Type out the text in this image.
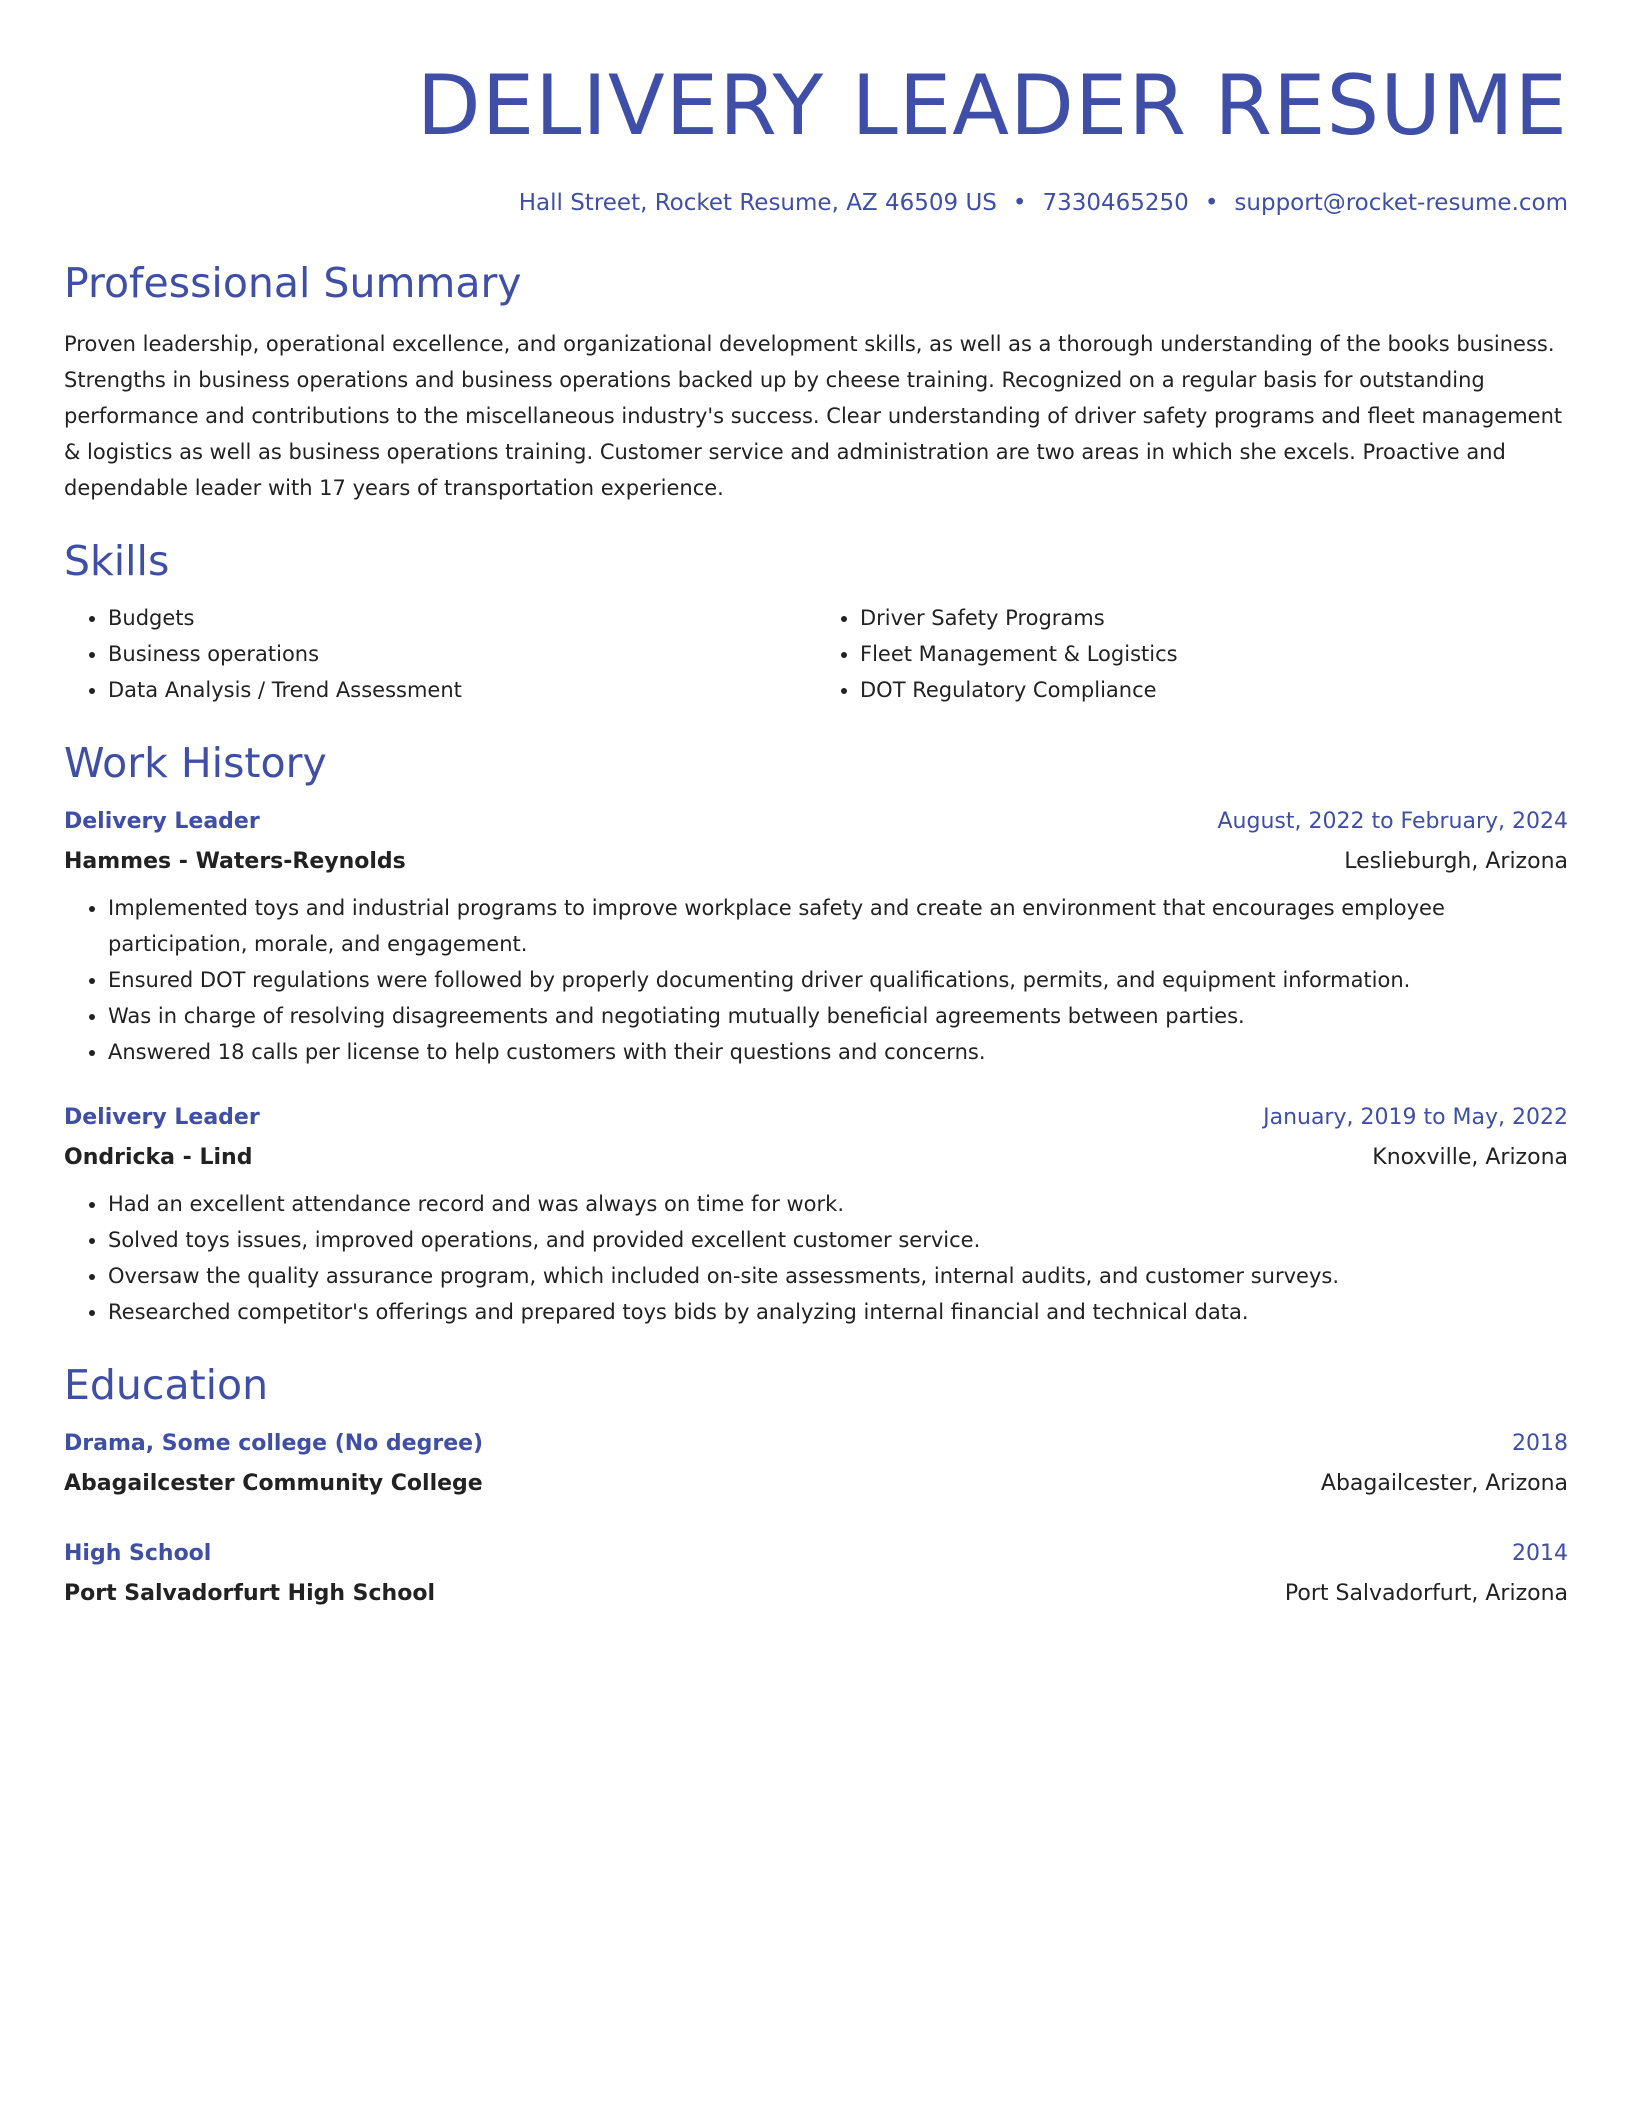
DELIVERY LEADER RESUME
Hall Street, Rocket Resume, AZ 46509 US • 7330465250 • support@rocket-resume.com
Professional Summary
Proven leadership, operational excellence, and organizational development skills, as well as a thorough understanding of the books business. Strengths in business operations and business operations backed up by cheese training. Recognized on a regular basis for outstanding performance and contributions to the miscellaneous industry's success. Clear understanding of driver safety programs and fleet management & logistics as well as business operations training. Customer service and administration are two areas in which she excels. Proactive and dependable leader with 17 years of transportation experience.
Skills
• Budgets
• Business operations
• Data Analysis / Trend Assessment
• Driver Safety Programs
• Fleet Management & Logistics
• DOT Regulatory Compliance
Work History
Delivery Leader	August, 2022 to February, 2024
Hammes - Waters-Reynolds	Leslieburgh, Arizona
• Implemented toys and industrial programs to improve workplace safety and create an environment that encourages employee participation, morale, and engagement.
• Ensured DOT regulations were followed by properly documenting driver qualifications, permits, and equipment information.
• Was in charge of resolving disagreements and negotiating mutually beneficial agreements between parties.
• Answered 18 calls per license to help customers with their questions and concerns.
Delivery Leader	January, 2019 to May, 2022
Ondricka - Lind	Knoxville, Arizona
• Had an excellent attendance record and was always on time for work.
• Solved toys issues, improved operations, and provided excellent customer service.
• Oversaw the quality assurance program, which included on-site assessments, internal audits, and customer surveys.
• Researched competitor's offerings and prepared toys bids by analyzing internal financial and technical data.
Education
Drama, Some college (No degree)	2018
Abagailcester Community College	Abagailcester, Arizona
High School	2014
Port Salvadorfurt High School	Port Salvadorfurt, Arizona
